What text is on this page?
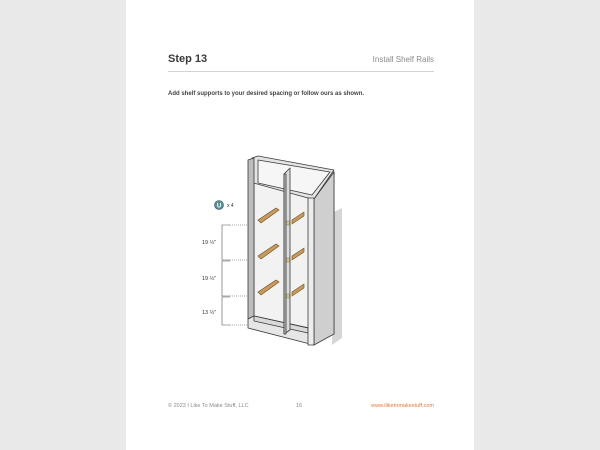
Step 13	Install Shelf Rails
Add shelf supports to your desired spacing or follow ours as shown.
U x 4
19 ½"
19 ½"
13 ½"
© 2023 I Like To Make Stuff, LLC	16	www.iliketomakestuff.com
